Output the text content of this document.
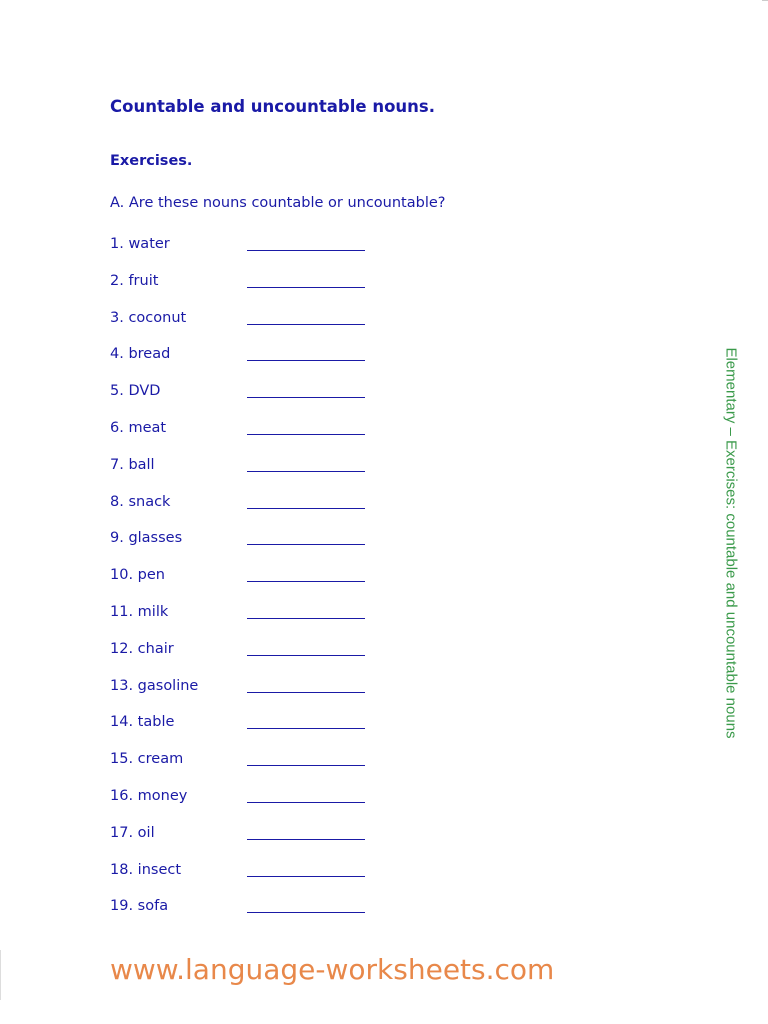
Countable and uncountable nouns.
Exercises.

A. Are these nouns countable or uncountable?

1. water
2. fruit
3. coconut
4. bread
5. DVD
6. meat
7. ball
8. snack
9. glasses
10. pen
11. milk
12. chair
13. gasoline
14. table
15. cream
16. money
17. oil
18. insect
19. sofa

Elementary – Exercises: countable and uncountable nouns

www.language-worksheets.com
